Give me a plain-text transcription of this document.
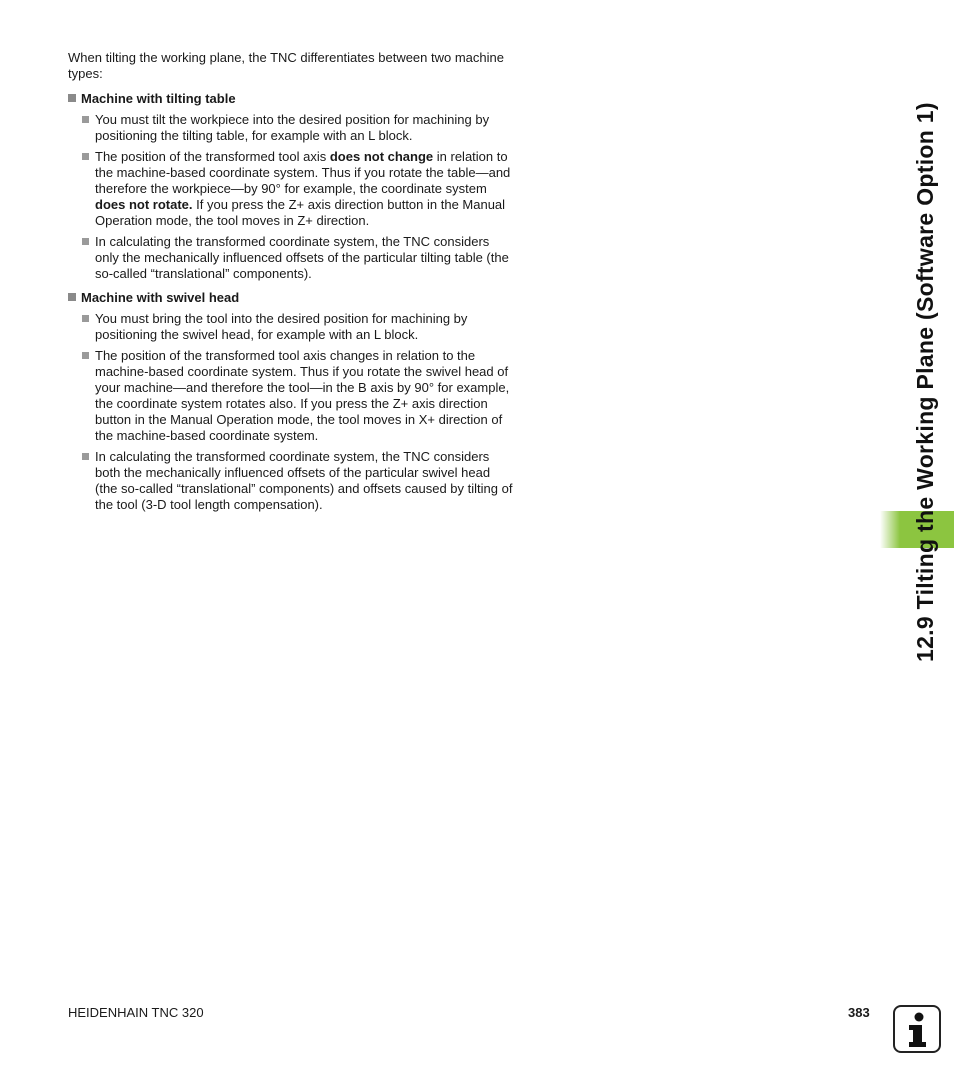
When tilting the working plane, the TNC differentiates between two machine types:

Machine with tilting table
You must tilt the workpiece into the desired position for machining by positioning the tilting table, for example with an L block.
The position of the transformed tool axis does not change in relation to the machine-based coordinate system. Thus if you rotate the table—and therefore the workpiece—by 90° for example, the coordinate system does not rotate. If you press the Z+ axis direction button in the Manual Operation mode, the tool moves in Z+ direction.
In calculating the transformed coordinate system, the TNC considers only the mechanically influenced offsets of the particular tilting table (the so-called “translational” components).
Machine with swivel head
You must bring the tool into the desired position for machining by positioning the swivel head, for example with an L block.
The position of the transformed tool axis changes in relation to the machine-based coordinate system. Thus if you rotate the swivel head of your machine—and therefore the tool—in the B axis by 90° for example, the coordinate system rotates also. If you press the Z+ axis direction button in the Manual Operation mode, the tool moves in X+ direction of the machine-based coordinate system.
In calculating the transformed coordinate system, the TNC considers both the mechanically influenced offsets of the particular swivel head (the so-called “translational” components) and offsets caused by tilting of the tool (3-D tool length compensation).	12.9 Tilting the Working Plane (Software Option 1)
HEIDENHAIN TNC 320	383
